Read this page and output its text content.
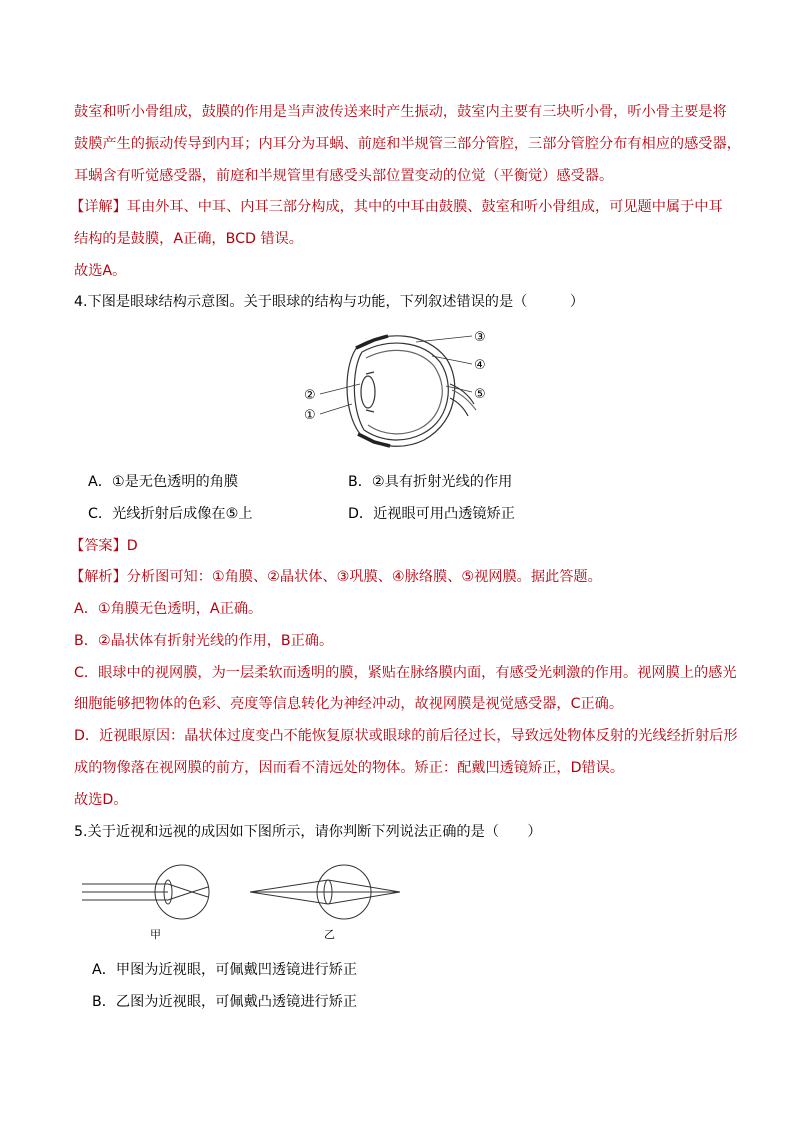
鼓室和听小骨组成，鼓膜的作用是当声波传送来时产生振动，鼓室内主要有三块听小骨，听小骨主要是将
鼓膜产生的振动传导到内耳；内耳分为耳蜗、前庭和半规管三部分管腔，三部分管腔分布有相应的感受器，
耳蜗含有听觉感受器，前庭和半规管里有感受头部位置变动的位觉（平衡觉）感受器。
【详解】耳由外耳、中耳、内耳三部分构成，其中的中耳由鼓膜、鼓室和听小骨组成，可见题中属于中耳
结构的是鼓膜，A正确，BCD 错误。
故选A。
4.下图是眼球结构示意图。关于眼球的结构与功能，下列叙述错误的是（　　　）
③
④
⑤
②
①
A．①是无色透明的角膜	B．②具有折射光线的作用
C．光线折射后成像在⑤上	D．近视眼可用凸透镜矫正
【答案】D
【解析】分析图可知：①角膜、②晶状体、③巩膜、④脉络膜、⑤视网膜。据此答题。
A．①角膜无色透明，A正确。
B．②晶状体有折射光线的作用，B正确。
C．眼球中的视网膜，为一层柔软而透明的膜，紧贴在脉络膜内面，有感受光刺激的作用。视网膜上的感光
细胞能够把物体的色彩、亮度等信息转化为神经冲动，故视网膜是视觉感受器，C正确。
D．近视眼原因：晶状体过度变凸不能恢复原状或眼球的前后径过长，导致远处物体反射的光线经折射后形
成的物像落在视网膜的前方，因而看不清远处的物体。矫正：配戴凹透镜矫正，D错误。
故选D。
5.关于近视和远视的成因如下图所示，请你判断下列说法正确的是（　　）
甲	乙
A．甲图为近视眼，可佩戴凹透镜进行矫正
B．乙图为近视眼，可佩戴凸透镜进行矫正
